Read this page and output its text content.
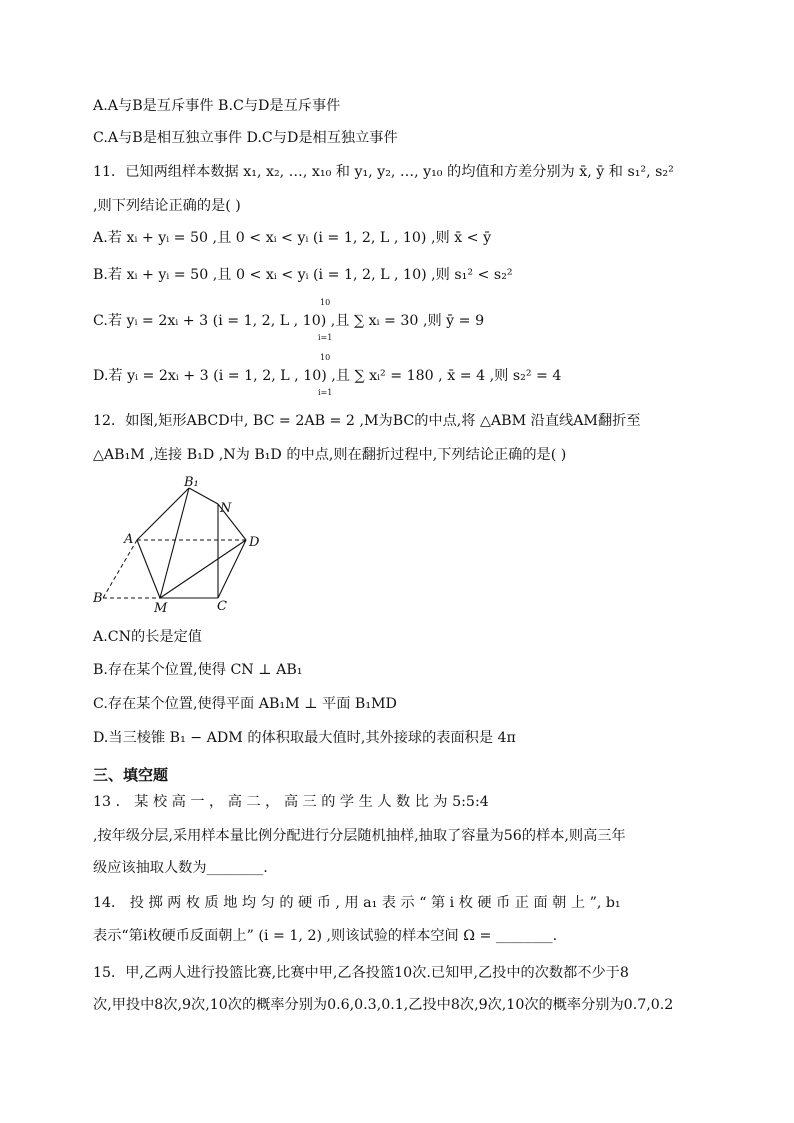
A.A与B是互斥事件 B.C与D是互斥事件
C.A与B是相互独立事件 D.C与D是相互独立事件
11．已知两组样本数据 x₁, x₂, …, x₁₀ 和 y₁, y₂, …, y₁₀ 的均值和方差分别为 x̄, ȳ 和 s₁², s₂²
,则下列结论正确的是( )
A.若 xᵢ + yᵢ = 50 ,且 0 < xᵢ < yᵢ (i = 1, 2, L , 10) ,则 x̄ < ȳ
B.若 xᵢ + yᵢ = 50 ,且 0 < xᵢ < yᵢ (i = 1, 2, L , 10) ,则 s₁² < s₂²
C.若 yᵢ = 2xᵢ + 3 (i = 1, 2, L , 10) ,且 ∑ xᵢ = 30 ,则 ȳ = 9
10
i=1
D.若 yᵢ = 2xᵢ + 3 (i = 1, 2, L , 10) ,且 ∑ xᵢ² = 180 , x̄ = 4 ,则 s₂² = 4
10
i=1
12．如图,矩形ABCD中, BC = 2AB = 2 ,M为BC的中点,将 △ABM 沿直线AM翻折至
△AB₁M ,连接 B₁D ,N为 B₁D 的中点,则在翻折过程中,下列结论正确的是( )
B₁
N
A	D
B
M	C
A.CN的长是定值
B.存在某个位置,使得 CN ⊥ AB₁
C.存在某个位置,使得平面 AB₁M ⊥ 平面 B₁MD
D.当三棱锥 B₁ − ADM 的体积取最大值时,其外接球的表面积是 4π
三、填空题
13 ． 某 校 高 一 ， 高 二 ， 高 三 的 学 生 人 数 比 为 5:5:4
,按年级分层,采用样本量比例分配进行分层随机抽样,抽取了容量为56的样本,则高三年
级应该抽取人数为________.
14． 投 掷 两 枚 质 地 均 匀 的 硬 币 , 用 a₁ 表 示 “ 第 i 枚 硬 币 正 面 朝 上 ”, b₁
表示“第i枚硬币反面朝上” (i = 1, 2) ,则该试验的样本空间 Ω = ________.
15．甲,乙两人进行投篮比赛,比赛中甲,乙各投篮10次.已知甲,乙投中的次数都不少于8
次,甲投中8次,9次,10次的概率分别为0.6,0.3,0.1,乙投中8次,9次,10次的概率分别为0.7,0.2
